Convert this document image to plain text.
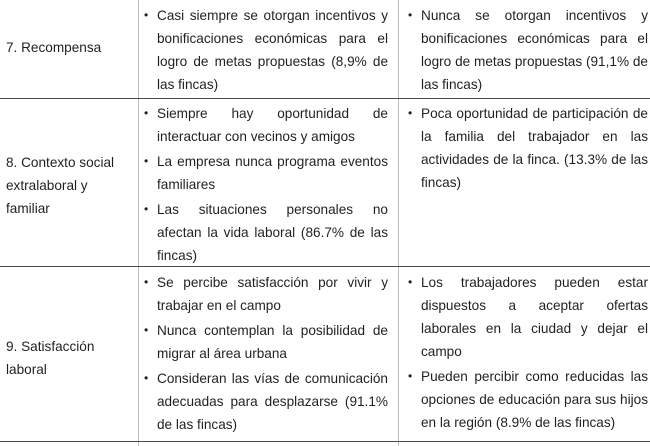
7. Recompensa
• Casi siempre se otorgan incentivos y bonificaciones económicas para el logro de metas propuestas (8,9% de las fincas)
• Nunca se otorgan incentivos y bonificaciones económicas para el logro de metas propuestas (91,1% de las fincas)
8. Contexto social extralaboral y familiar
• Siempre hay oportunidad de interactuar con vecinos y amigos
• La empresa nunca programa eventos familiares
• Las situaciones personales no afectan la vida laboral (86.7% de las fincas)
• Poca oportunidad de participación de la familia del trabajador en las actividades de la finca. (13.3% de las fincas)
9. Satisfacción laboral
• Se percibe satisfacción por vivir y trabajar en el campo
• Nunca contemplan la posibilidad de migrar al área urbana
• Consideran las vías de comunicación adecuadas para desplazarse (91.1% de las fincas)
• Los trabajadores pueden estar dispuestos a aceptar ofertas laborales en la ciudad y dejar el campo
• Pueden percibir como reducidas las opciones de educación para sus hijos en la región (8.9% de las fincas)
